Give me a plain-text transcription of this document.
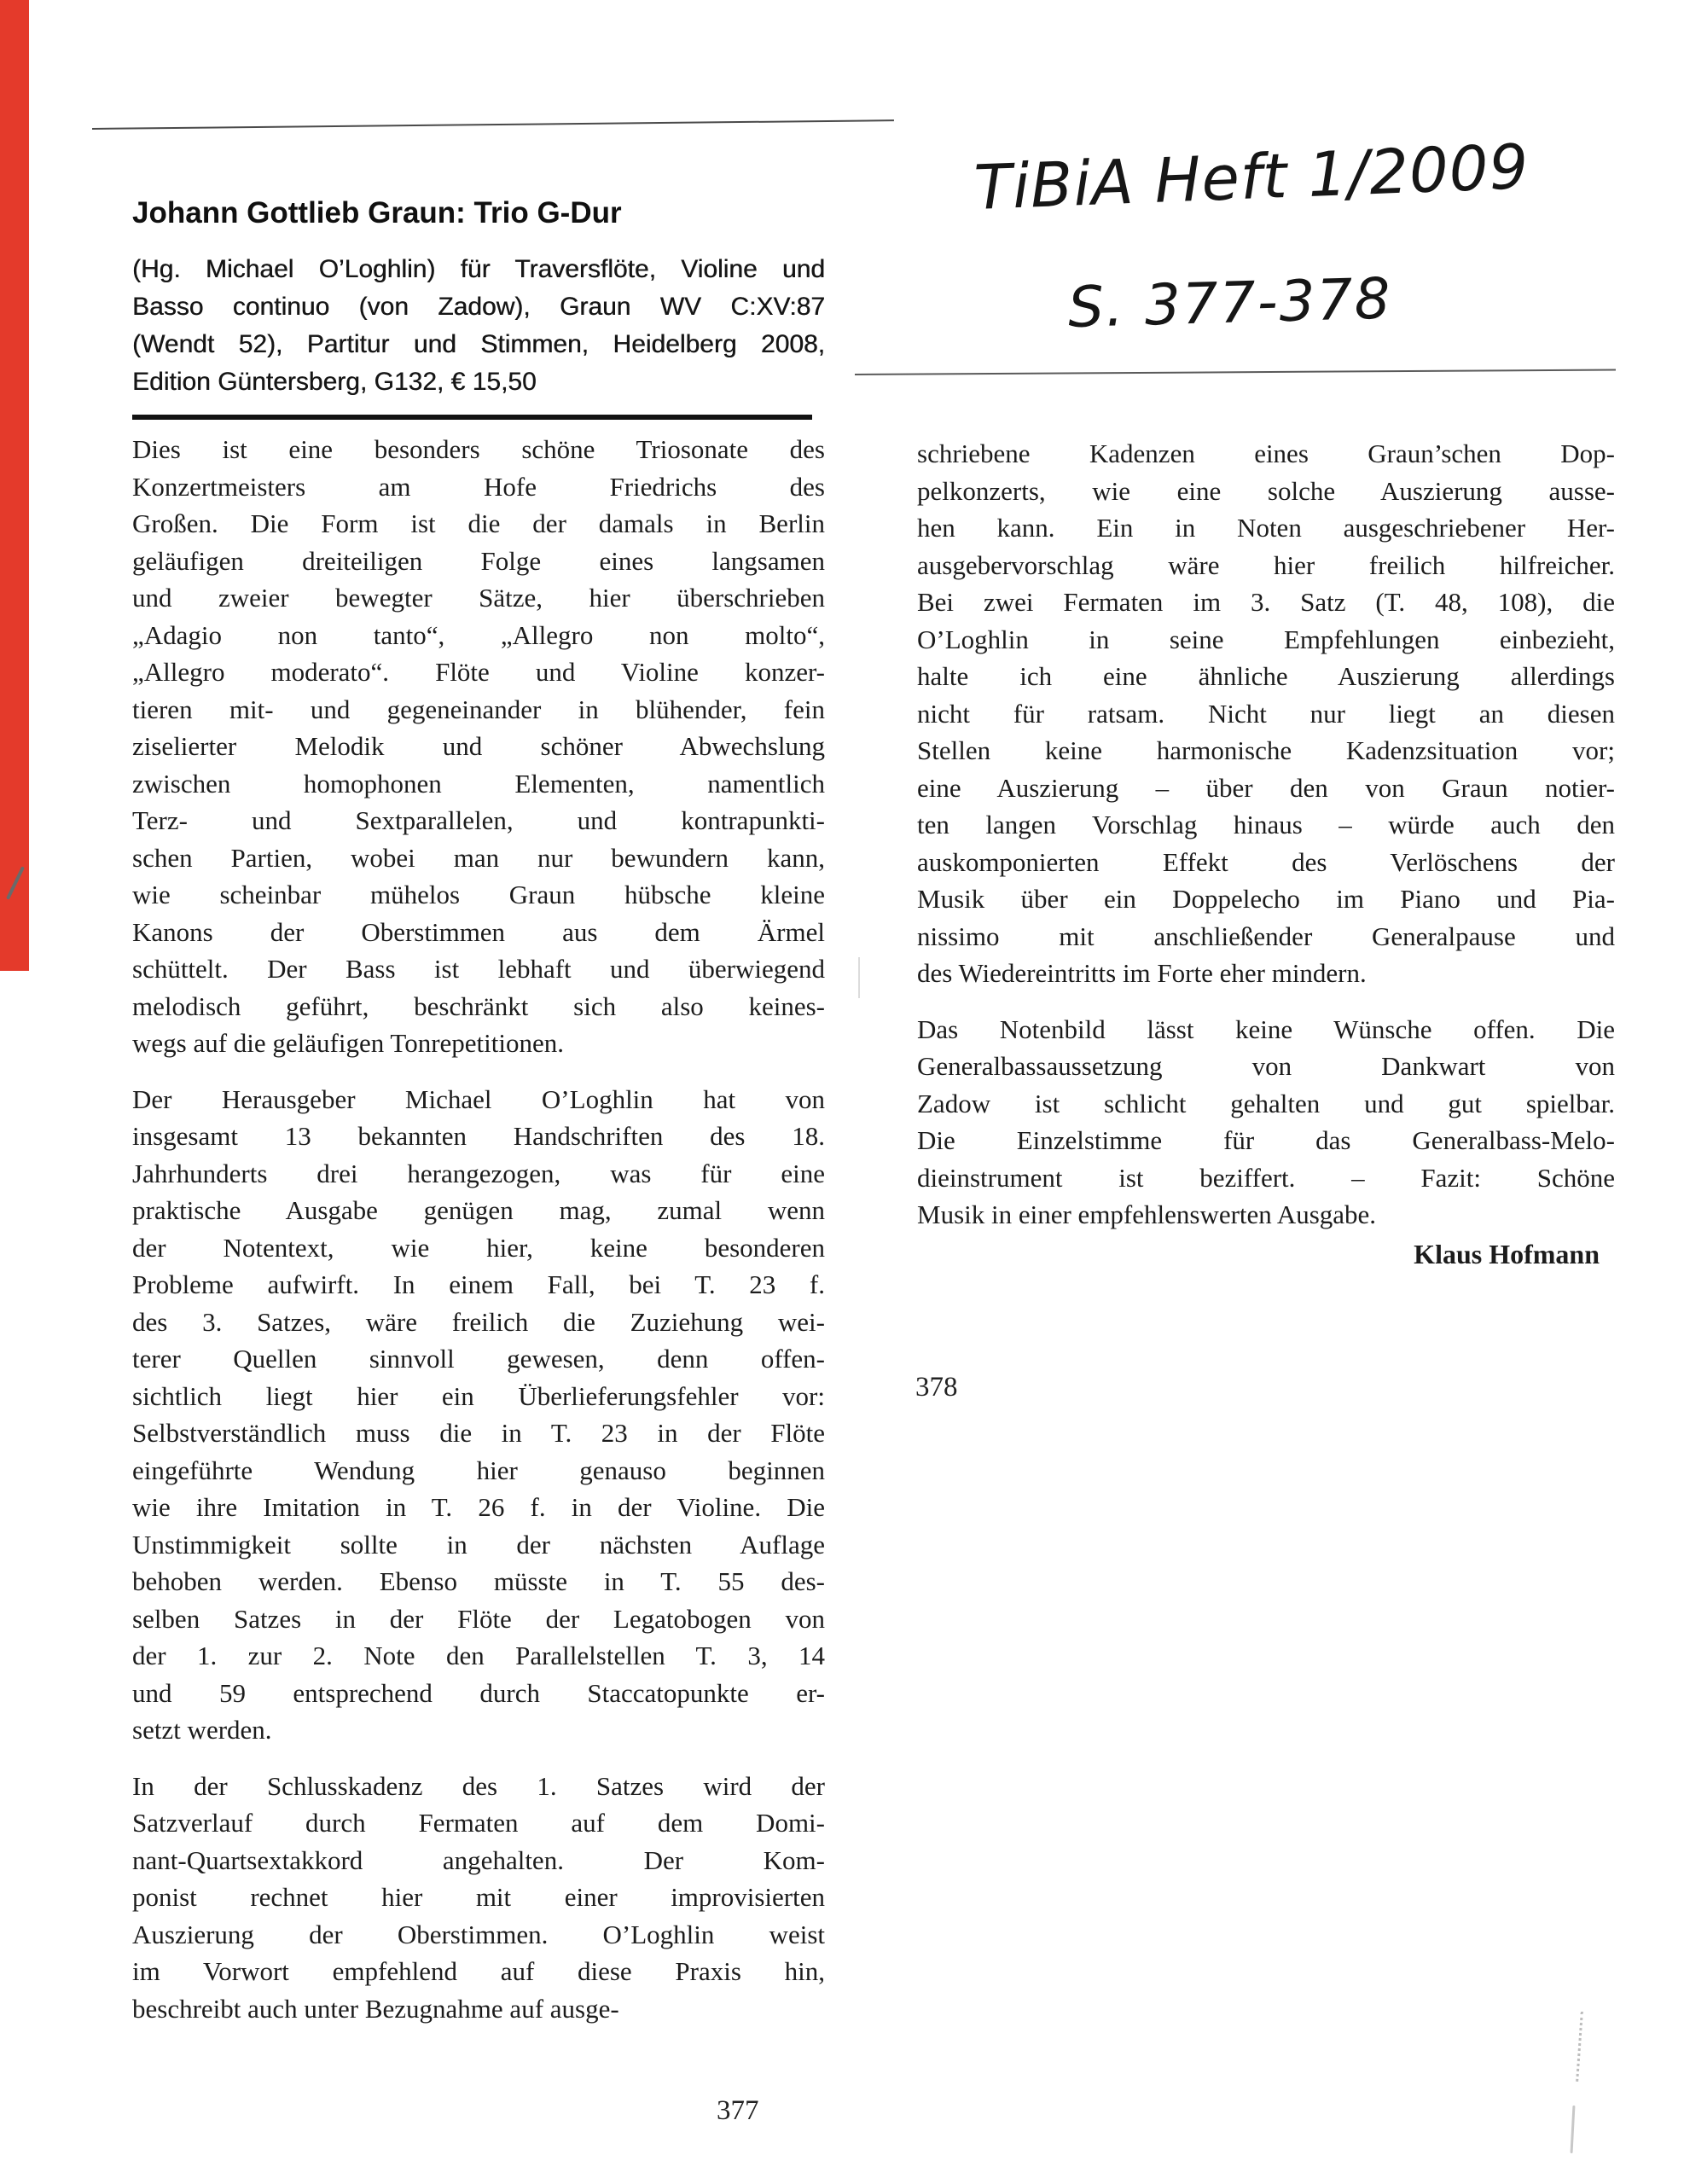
TiBiA Heft 1/2009
S. 377-378
Johann Gottlieb Graun: Trio G-Dur
(Hg. Michael O’Loghlin) für Traversflöte, Violine und
Basso continuo (von Zadow), Graun WV C:XV:87
(Wendt 52), Partitur und Stimmen, Heidelberg 2008,
Edition Güntersberg, G132, € 15,50
Dies ist eine besonders schöne Triosonate des
Konzertmeisters am Hofe Friedrichs des
Großen. Die Form ist die der damals in Berlin
geläufigen dreiteiligen Folge eines langsamen
und zweier bewegter Sätze, hier überschrieben
„Adagio non tanto“, „Allegro non molto“,
„Allegro moderato“. Flöte und Violine konzer-
tieren mit- und gegeneinander in blühender, fein
ziselierter Melodik und schöner Abwechslung
zwischen homophonen Elementen, namentlich
Terz- und Sextparallelen, und kontrapunkti-
schen Partien, wobei man nur bewundern kann,
wie scheinbar mühelos Graun hübsche kleine
Kanons der Oberstimmen aus dem Ärmel
schüttelt. Der Bass ist lebhaft und überwiegend
melodisch geführt, beschränkt sich also keines-
wegs auf die geläufigen Tonrepetitionen.
Der Herausgeber Michael O’Loghlin hat von
insgesamt 13 bekannten Handschriften des 18.
Jahrhunderts drei herangezogen, was für eine
praktische Ausgabe genügen mag, zumal wenn
der Notentext, wie hier, keine besonderen
Probleme aufwirft. In einem Fall, bei T. 23 f.
des 3. Satzes, wäre freilich die Zuziehung wei-
terer Quellen sinnvoll gewesen, denn offen-
sichtlich liegt hier ein Überlieferungsfehler vor:
Selbstverständlich muss die in T. 23 in der Flöte
eingeführte Wendung hier genauso beginnen
wie ihre Imitation in T. 26 f. in der Violine. Die
Unstimmigkeit sollte in der nächsten Auflage
behoben werden. Ebenso müsste in T. 55 des-
selben Satzes in der Flöte der Legatobogen von
der 1. zur 2. Note den Parallelstellen T. 3, 14
und 59 entsprechend durch Staccatopunkte er-
setzt werden.
In der Schlusskadenz des 1. Satzes wird der
Satzverlauf durch Fermaten auf dem Domi-
nant-Quartsextakkord angehalten. Der Kom-
ponist rechnet hier mit einer improvisierten
Auszierung der Oberstimmen. O’Loghlin weist
im Vorwort empfehlend auf diese Praxis hin,
beschreibt auch unter Bezugnahme auf ausge-
schriebene Kadenzen eines Graun’schen Dop-
pelkonzerts, wie eine solche Auszierung ausse-
hen kann. Ein in Noten ausgeschriebener Her-
ausgebervorschlag wäre hier freilich hilfreicher.
Bei zwei Fermaten im 3. Satz (T. 48, 108), die
O’Loghlin in seine Empfehlungen einbezieht,
halte ich eine ähnliche Auszierung allerdings
nicht für ratsam. Nicht nur liegt an diesen
Stellen keine harmonische Kadenzsituation vor;
eine Auszierung – über den von Graun notier-
ten langen Vorschlag hinaus – würde auch den
auskomponierten Effekt des Verlöschens der
Musik über ein Doppelecho im Piano und Pia-
nissimo mit anschließender Generalpause und
des Wiedereintritts im Forte eher mindern.
Das Notenbild lässt keine Wünsche offen. Die
Generalbassaussetzung von Dankwart von
Zadow ist schlicht gehalten und gut spielbar.
Die Einzelstimme für das Generalbass-Melo-
dieinstrument ist beziffert. – Fazit: Schöne
Musik in einer empfehlenswerten Ausgabe.
Klaus Hofmann
378
377
